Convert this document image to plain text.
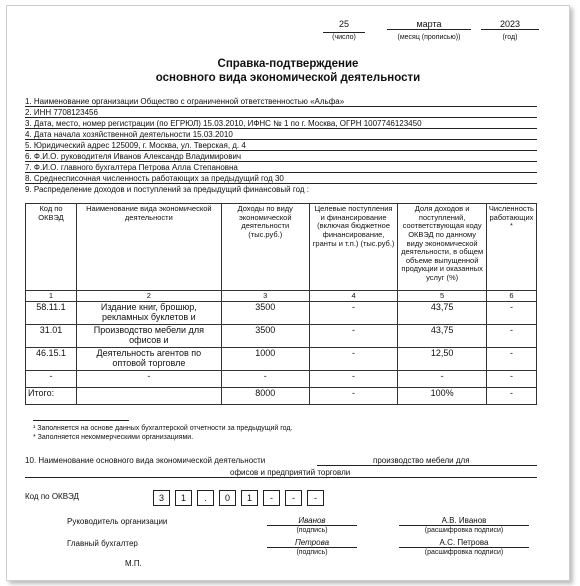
25	марта	2023
(число)	(месяц (прописью))	(год)
Справка-подтверждение
основного вида экономической деятельности
1. Наименование организации Общество с ограниченной ответственностью «Альфа»
2. ИНН 7708123456
3. Дата, место, номер регистрации (по ЕГРЮЛ) 15.03.2010, ИФНС № 1 по г. Москва, ОГРН 1007746123450
4. Дата начала хозяйственной деятельности 15.03.2010
5. Юридический адрес 125009, г. Москва, ул. Тверская, д. 4
6. Ф.И.О. руководителя Иванов Александр Владимирович
7. Ф.И.О. главного бухгалтера Петрова Алла Степановна
8. Среднесписочная численность работающих за предыдущий год 30
9. Распределение доходов и поступлений за предыдущий финансовый год :
Код по ОКВЭД	Наименование вида экономической деятельности	Доходы по виду экономической деятельности (тыс.руб.)	Целевые поступления и финансирование (включая бюджетное финансирование, гранты и т.п.) (тыс.руб.)	Доля доходов и поступлений, соответствующая коду ОКВЭД по данному виду экономической деятельности, в общем объеме выпущенной продукции и оказанных услуг (%)	Численность работающих *
1	2	3	4	5	6
58.11.1	Издание книг, брошюр, рекламных буклетов и	3500	-	43,75	-
31.01	Производство мебели для офисов и	3500	-	43,75	-
46.15.1	Деятельность агентов по оптовой торговле	1000	-	12,50	-
-	-	-	-	-	-
Итого:		8000	-	100%	-
¹ Заполняется на основе данных бухгалтерской отчетности за предыдущий год.
* Заполняется некоммерческими организациями.
10. Наименование основного вида экономической деятельности	производство мебели для
офисов и предприятий торговли
Код по ОКВЭД	3	1	.	0	1	-	-	-
Руководитель организации	Иванов	А.В. Иванов
(подпись)	(расшифровка подписи)
Главный бухгалтер	Петрова	А.С. Петрова
(подпись)	(расшифровка подписи)
М.П.
